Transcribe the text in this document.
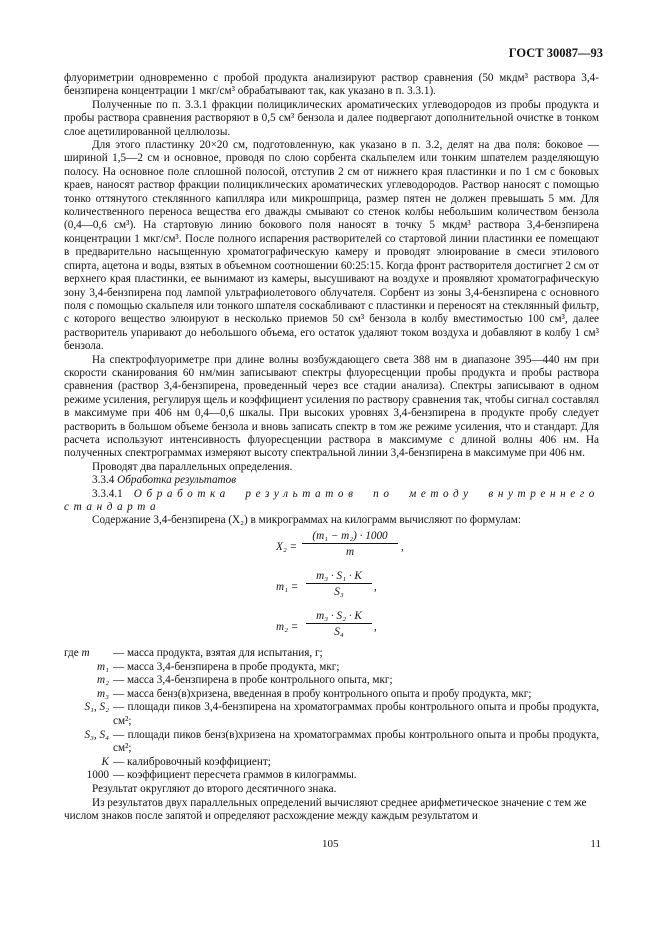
ГОСТ 30087—93

флуориметрии одновременно с пробой продукта анализируют раствор сравнения (50 мкдм³ раствора 3,4-бензпирена концентрации 1 мкг/см³ обрабатывают так, как указано в п. 3.3.1).

Полученные по п. 3.3.1 фракции полициклических ароматических углеводородов из пробы продукта и пробы раствора сравнения растворяют в 0,5 см³ бензола и далее подвергают дополнительной очистке в тонком слое ацетилированной целлюлозы.

Для этого пластинку 20×20 см, подготовленную, как указано в п. 3.2, делят на два поля: боковое — шириной 1,5—2 см и основное, проводя по слою сорбента скальпелем или тонким шпателем разделяющую полосу. На основное поле сплошной полосой, отступив 2 см от нижнего края пластинки и по 1 см с боковых краев, наносят раствор фракции полициклических ароматических углеводородов. Раствор наносят с помощью тонко оттянутого стеклянного капилляра или микрошприца, размер пятен не должен превышать 5 мм. Для количественного переноса вещества его дважды смывают со стенок колбы небольшим количеством бензола (0,4—0,6 см³). На стартовую линию бокового поля наносят в точку 5 мкдм³ раствора 3,4-бензпирена концентрации 1 мкг/см³. После полного испарения растворителей со стартовой линии пластинки ее помещают в предварительно насыщенную хроматографическую камеру и проводят элюирование в смеси этилового спирта, ацетона и воды, взятых в объемном соотношении 60:25:15. Когда фронт растворителя достигнет 2 см от верхнего края пластинки, ее вынимают из камеры, высушивают на воздухе и проявляют хроматографическую зону 3,4-бензпирена под лампой ультрафиолетового облучателя. Сорбент из зоны 3,4-бензпирена с основного поля с помощью скальпеля или тонкого шпателя соскабливают с пластинки и переносят на стеклянный фильтр, с которого вещество элюируют в несколько приемов 50 см³ бензола в колбу вместимостью 100 см³, далее растворитель упаривают до небольшого объема, его остаток удаляют током воздуха и добавляют в колбу 1 см³ бензола.

На спектрофлуориметре при длине волны возбуждающего света 388 нм в диапазоне 395—440 нм при скорости сканирования 60 нм/мин записывают спектры флуоресценции пробы продукта и пробы раствора сравнения (раствор 3,4-бензпирена, проведенный через все стадии анализа). Спектры записывают в одном режиме усиления, регулируя щель и коэффициент усиления по раствору сравнения так, чтобы сигнал составлял в максимуме при 406 нм 0,4—0,6 шкалы. При высоких уровнях 3,4-бензпирена в продукте пробу следует растворить в большом объеме бензола и вновь записать спектр в том же режиме усиления, что и стандарт. Для расчета используют интенсивность флуоресценции раствора в максимуме с длиной волны 406 нм. На полученных спектрограммах измеряют высоту спектральной линии 3,4-бензпирена в максимуме при 406 нм.

Проводят два параллельных определения.

3.3.4 Обработка результатов

3.3.4.1 Обработка результатов по методу внутреннего стандарта

Содержание 3,4-бензпирена (X₂) в микрограммах на килограмм вычисляют по формулам:

$X_2 = \frac{\text{(m₁ − m₂) · 1000}}{m}$ ,
$m_1 = \frac{\text{m₃ · S₁ · K}}{\text{S₃}}$ ,
$m_2 = \frac{\text{m₃ · S₂ · K}}{\text{S₄}}$ ,
где m	— масса продукта, взятая для испытания, г;
m₁ — масса 3,4-бензпирена в пробе продукта, мкг;
m₂ — масса 3,4-бензпирена в пробе контрольного опыта, мкг;
m₃ — масса бенз(в)хризена, введенная в пробу контрольного опыта и пробу продукта, мкг;
S₁, S₂ — площади пиков 3,4-бензпирена на хроматограммах пробы контрольного опыта и пробы продукта, см²;
S₃, S₄ — площади пиков бенз(в)хризена на хроматограммах пробы контрольного опыта и пробы продукта, см²;
K — калибровочный коэффициент;
1000 — коэффициент пересчета граммов в килограммы.

Результат округляют до второго десятичного знака.

Из результатов двух параллельных определений вычисляют среднее арифметическое значение с тем же числом знаков после запятой и определяют расхождение между каждым результатом и

105	11
